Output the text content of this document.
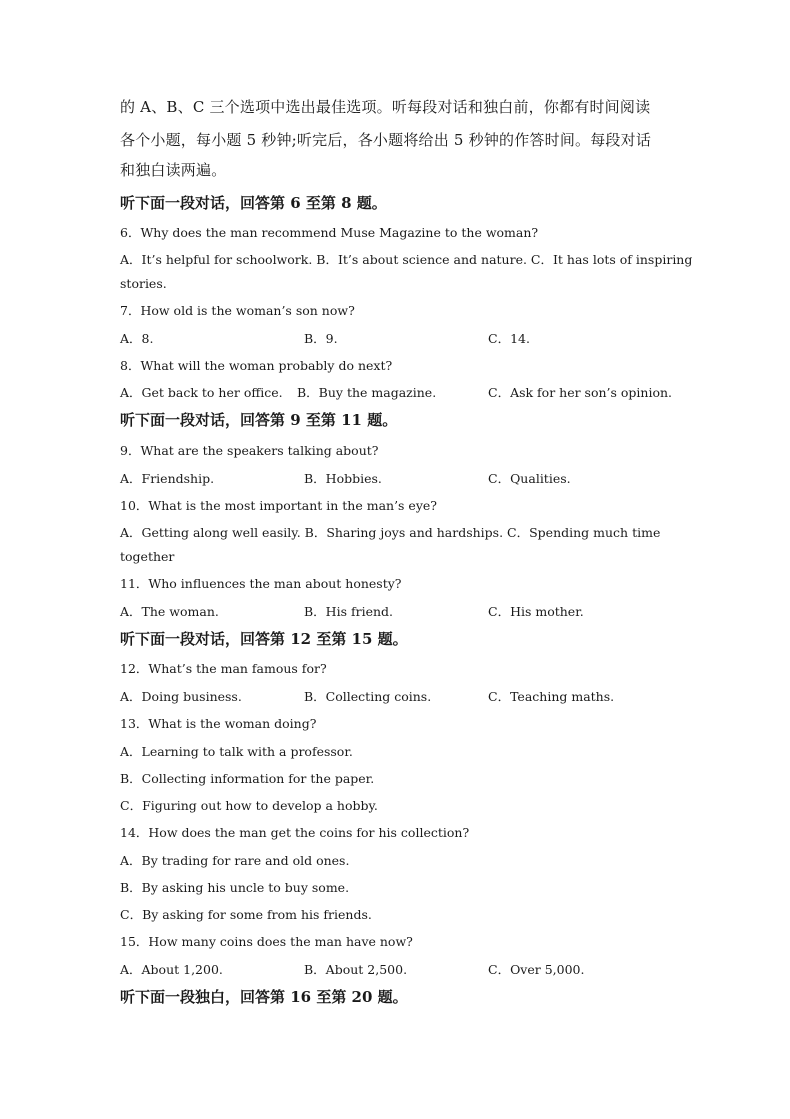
的 A、B、C 三个选项中选出最佳选项。听每段对话和独白前，你都有时间阅读
各个小题，每小题 5 秒钟;听完后，各小题将给出 5 秒钟的作答时间。每段对话
和独白读两遍。
听下面一段对话，回答第 6 至第 8 题。
6．Why does the man recommend Muse Magazine to the woman?
A．It’s helpful for schoolwork. B．It’s about science and nature. C．It has lots of inspiring
stories.
7．How old is the woman’s son now?
A．8.	B．9.	C．14.
8．What will the woman probably do next?
A．Get back to her office. B．Buy the magazine.	C．Ask for her son’s opinion.
听下面一段对话，回答第 9 至第 11 题。
9．What are the speakers talking about?
A．Friendship.	B．Hobbies.	C．Qualities.
10．What is the most important in the man’s eye?
A．Getting along well easily. B．Sharing joys and hardships. C．Spending much time
together
11．Who influences the man about honesty?
A．The woman.	B．His friend.	C．His mother.
听下面一段对话，回答第 12 至第 15 题。
12．What’s the man famous for?
A．Doing business.	B．Collecting coins.	C．Teaching maths.
13．What is the woman doing?
A．Learning to talk with a professor.
B．Collecting information for the paper.
C．Figuring out how to develop a hobby.
14．How does the man get the coins for his collection?
A．By trading for rare and old ones.
B．By asking his uncle to buy some.
C．By asking for some from his friends.
15．How many coins does the man have now?
A．About 1,200.	B．About 2,500.	C．Over 5,000.
听下面一段独白，回答第 16 至第 20 题。
